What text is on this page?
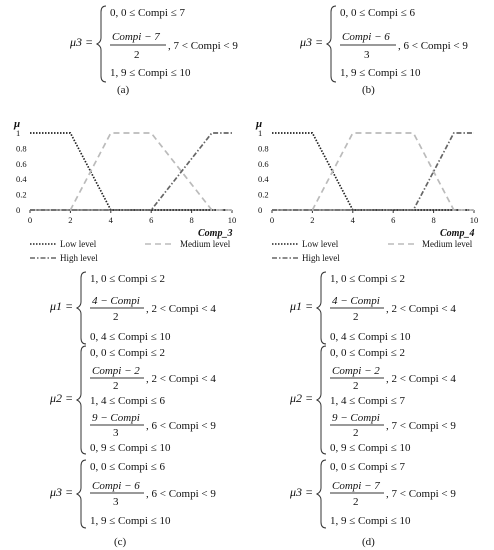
μ3 =
0, 0 ≤ Compi ≤ 7
Compi − 7
2
, 7 < Compi < 9
1, 9 ≤ Compi ≤ 10
(a)
μ3 =
0, 0 ≤ Compi ≤ 6
Compi − 6
3
, 6 < Compi < 9
1, 9 ≤ Compi ≤ 10
(b)
μ
0
0.2
0.4
0.6
0.8
1
0	2	4	6	8	10
Comp_3
μ
0
0.2
0.4
0.6
0.8
1
0	2	4	6	8	10
Comp_4
Low level	Medium level
High level
Low level	Medium level
High level
μ1 =
1, 0 ≤ Compi ≤ 2
4 − Compi
2
, 2 < Compi < 4
0, 4 ≤ Compi ≤ 10
μ2 =
0, 0 ≤ Compi ≤ 2
Compi − 2
2
, 2 < Compi < 4
1, 4 ≤ Compi ≤ 6
9 − Compi
3
, 6 < Compi < 9
0, 9 ≤ Compi ≤ 10
μ3 =
0, 0 ≤ Compi ≤ 6
Compi − 6
3
, 6 < Compi < 9
1, 9 ≤ Compi ≤ 10
(c)
μ1 =
1, 0 ≤ Compi ≤ 2
4 − Compi
2
, 2 < Compi < 4
0, 4 ≤ Compi ≤ 10
μ2 =
0, 0 ≤ Compi ≤ 2
Compi − 2
2
, 2 < Compi < 4
1, 4 ≤ Compi ≤ 7
9 − Compi
2
, 7 < Compi < 9
0, 9 ≤ Compi ≤ 10
μ3 =
0, 0 ≤ Compi ≤ 7
Compi − 7
2
, 7 < Compi < 9
1, 9 ≤ Compi ≤ 10
(d)
